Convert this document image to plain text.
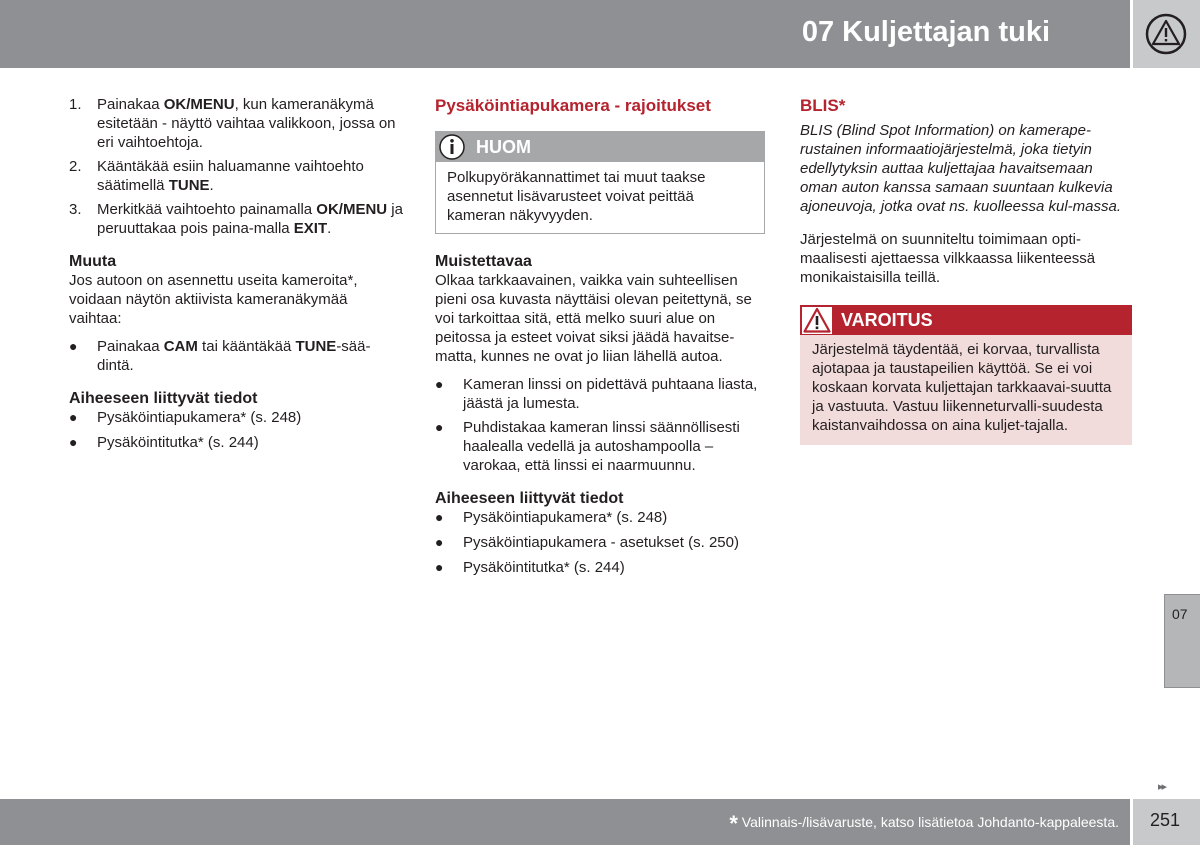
07 Kuljettajan tuki
1. Painakaa OK/MENU, kun kameranäkymä esitetään - näyttö vaihtaa valikkoon, jossa on eri vaihtoehtoja.
2. Kääntäkää esiin haluamanne vaihtoehto säätimellä TUNE.
3. Merkitkää vaihtoehto painamalla OK/MENU ja peruuttakaa pois paina-malla EXIT.
Muuta

Jos autoon on asennettu useita kameroita*, voidaan näytön aktiivista kameranäkymää vaihtaa:

● Painakaa CAM tai kääntäkää TUNE-sää-dintä.
Aiheeseen liittyvät tiedot
● Pysäköintiapukamera* (s. 248)
● Pysäköintitutka* (s. 244)
Pysäköintiapukamera - rajoitukset
HUOM
Polkupyöräkannattimet tai muut taakse asennetut lisävarusteet voivat peittää kameran näkyvyyden.
Muistettavaa

Olkaa tarkkaavainen, vaikka vain suhteellisen pieni osa kuvasta näyttäisi olevan peitettynä, se voi tarkoittaa sitä, että melko suuri alue on peitossa ja esteet voivat siksi jäädä havaitse-matta, kunnes ne ovat jo liian lähellä autoa.

● Kameran linssi on pidettävä puhtaana liasta, jäästä ja lumesta.
● Puhdistakaa kameran linssi säännöllisesti haalealla vedellä ja autoshampoolla – varokaa, että linssi ei naarmuunnu.
Aiheeseen liittyvät tiedot
● Pysäköintiapukamera* (s. 248)
● Pysäköintiapukamera - asetukset (s. 250)
● Pysäköintitutka* (s. 244)
BLIS*

BLIS (Blind Spot Information) on kamerape-rustainen informaatiojärjestelmä, joka tietyin edellytyksin auttaa kuljettajaa havaitsemaan oman auton kanssa samaan suuntaan kulkevia ajoneuvoja, jotka ovat ns. kuolleessa kul-massa.

Järjestelmä on suunniteltu toimimaan opti-maalisesti ajettaessa vilkkaassa liikenteessä monikaistaisilla teillä.

VAROITUS
Järjestelmä täydentää, ei korvaa, turvallista ajotapaa ja taustapeilien käyttöä. Se ei voi koskaan korvata kuljettajan tarkkaavai-suutta ja vastuuta. Vastuu liikenneturvalli-suudesta kaistanvaihdossa on aina kuljet-tajalla.
07
▸▸
* Valinnais-/lisävaruste, katso lisätietoa Johdanto-kappaleesta. 251
